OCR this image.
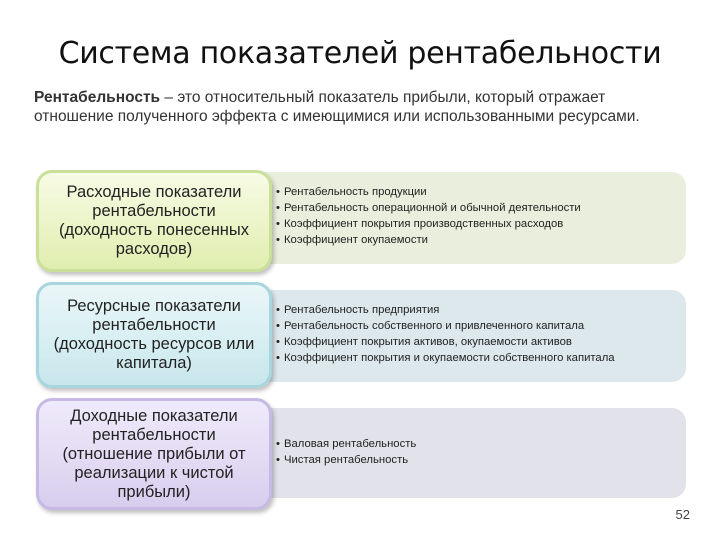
Система показателей рентабельности
Рентабельность – это относительный показатель прибыли, который отражает отношение полученного эффекта с имеющимися или использованными ресурсами.
Расходные показатели
рентабельности
(доходность понесенных
расходов)
• Рентабельность продукции
• Рентабельность операционной и обычной деятельности
• Коэффициент покрытия производственных расходов
• Коэффициент окупаемости
Ресурсные показатели
рентабельности
(доходность ресурсов или
капитала)
• Рентабельность предприятия
• Рентабельность собственного и привлеченного капитала
• Коэффициент покрытия активов, окупаемости активов
• Коэффициент покрытия и окупаемости собственного капитала
Доходные показатели
рентабельности
(отношение прибыли от
реализации к чистой
прибыли)
• Валовая рентабельность
• Чистая рентабельность
52
